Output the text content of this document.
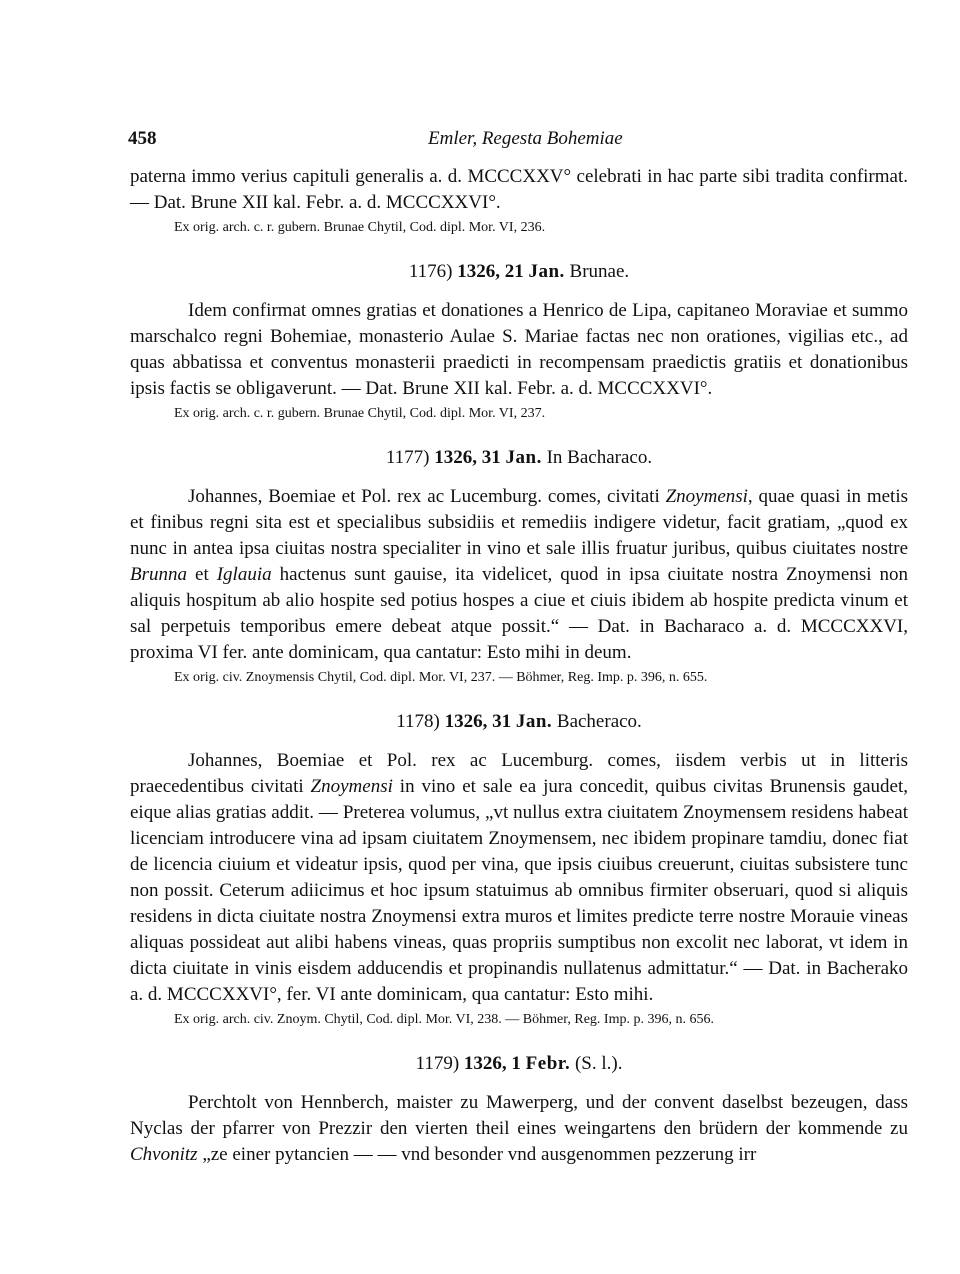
458	Emler, Regesta Bohemiae

paterna immo verius capituli generalis a. d. MCCCXXV° celebrati in hac parte sibi tradita confirmat. — Dat. Brune XII kal. Febr. a. d. MCCCXXVI°.

Ex orig. arch. c. r. gubern. Brunae Chytil, Cod. dipl. Mor. VI, 236.

1176) 1326, 21 Jan. Brunae.

Idem confirmat omnes gratias et donationes a Henrico de Lipa, capitaneo Moraviae et summo marschalco regni Bohemiae, monasterio Aulae S. Mariae factas nec non orationes, vigilias etc., ad quas abbatissa et conventus monasterii praedicti in recompensam praedictis gratiis et donationibus ipsis factis se obligaverunt. — Dat. Brune XII kal. Febr. a. d. MCCCXXVI°.

Ex orig. arch. c. r. gubern. Brunae Chytil, Cod. dipl. Mor. VI, 237.

1177) 1326, 31 Jan. In Bacharaco.

Johannes, Boemiae et Pol. rex ac Lucemburg. comes, civitati Znoymensi, quae quasi in metis et finibus regni sita est et specialibus subsidiis et remediis indigere videtur, facit gratiam, „quod ex nunc in antea ipsa ciuitas nostra specialiter in vino et sale illis fruatur juribus, quibus ciuitates nostre Brunna et Iglauia hactenus sunt gauise, ita videlicet, quod in ipsa ciuitate nostra Znoymensi non aliquis hospitum ab alio hospite sed potius hospes a ciue et ciuis ibidem ab hospite predicta vinum et sal perpetuis temporibus emere debeat atque possit.“ — Dat. in Bacharaco a. d. MCCCXXVI, proxima VI fer. ante dominicam, qua cantatur: Esto mihi in deum.

Ex orig. civ. Znoymensis Chytil, Cod. dipl. Mor. VI, 237. — Böhmer, Reg. Imp. p. 396, n. 655.

1178) 1326, 31 Jan. Bacheraco.

Johannes, Boemiae et Pol. rex ac Lucemburg. comes, iisdem verbis ut in litteris praecedentibus civitati Znoymensi in vino et sale ea jura concedit, quibus civitas Brunensis gaudet, eique alias gratias addit. — Preterea volumus, „vt nullus extra ciuitatem Znoymensem residens habeat licenciam introducere vina ad ipsam ciuitatem Znoymensem, nec ibidem propinare tamdiu, donec fiat de licencia ciuium et videatur ipsis, quod per vina, que ipsis ciuibus creuerunt, ciuitas subsistere tunc non possit. Ceterum adiicimus et hoc ipsum statuimus ab omnibus firmiter obseruari, quod si aliquis residens in dicta ciuitate nostra Znoymensi extra muros et limites predicte terre nostre Morauie vineas aliquas possideat aut alibi habens vineas, quas propriis sumptibus non excolit nec laborat, vt idem in dicta ciuitate in vinis eisdem adducendis et propinandis nullatenus admittatur.“ — Dat. in Bacherako a. d. MCCCXXVI°, fer. VI ante dominicam, qua cantatur: Esto mihi.

Ex orig. arch. civ. Znoym. Chytil, Cod. dipl. Mor. VI, 238. — Böhmer, Reg. Imp. p. 396, n. 656.

1179) 1326, 1 Febr. (S. l.).

Perchtolt von Hennberch, maister zu Mawerperg, und der convent daselbst bezeugen, dass Nyclas der pfarrer von Prezzir den vierten theil eines weingartens den brüdern der kommende zu Chvonitz „ze einer pytancien — — vnd besonder vnd ausgenommen pezzerung irr
